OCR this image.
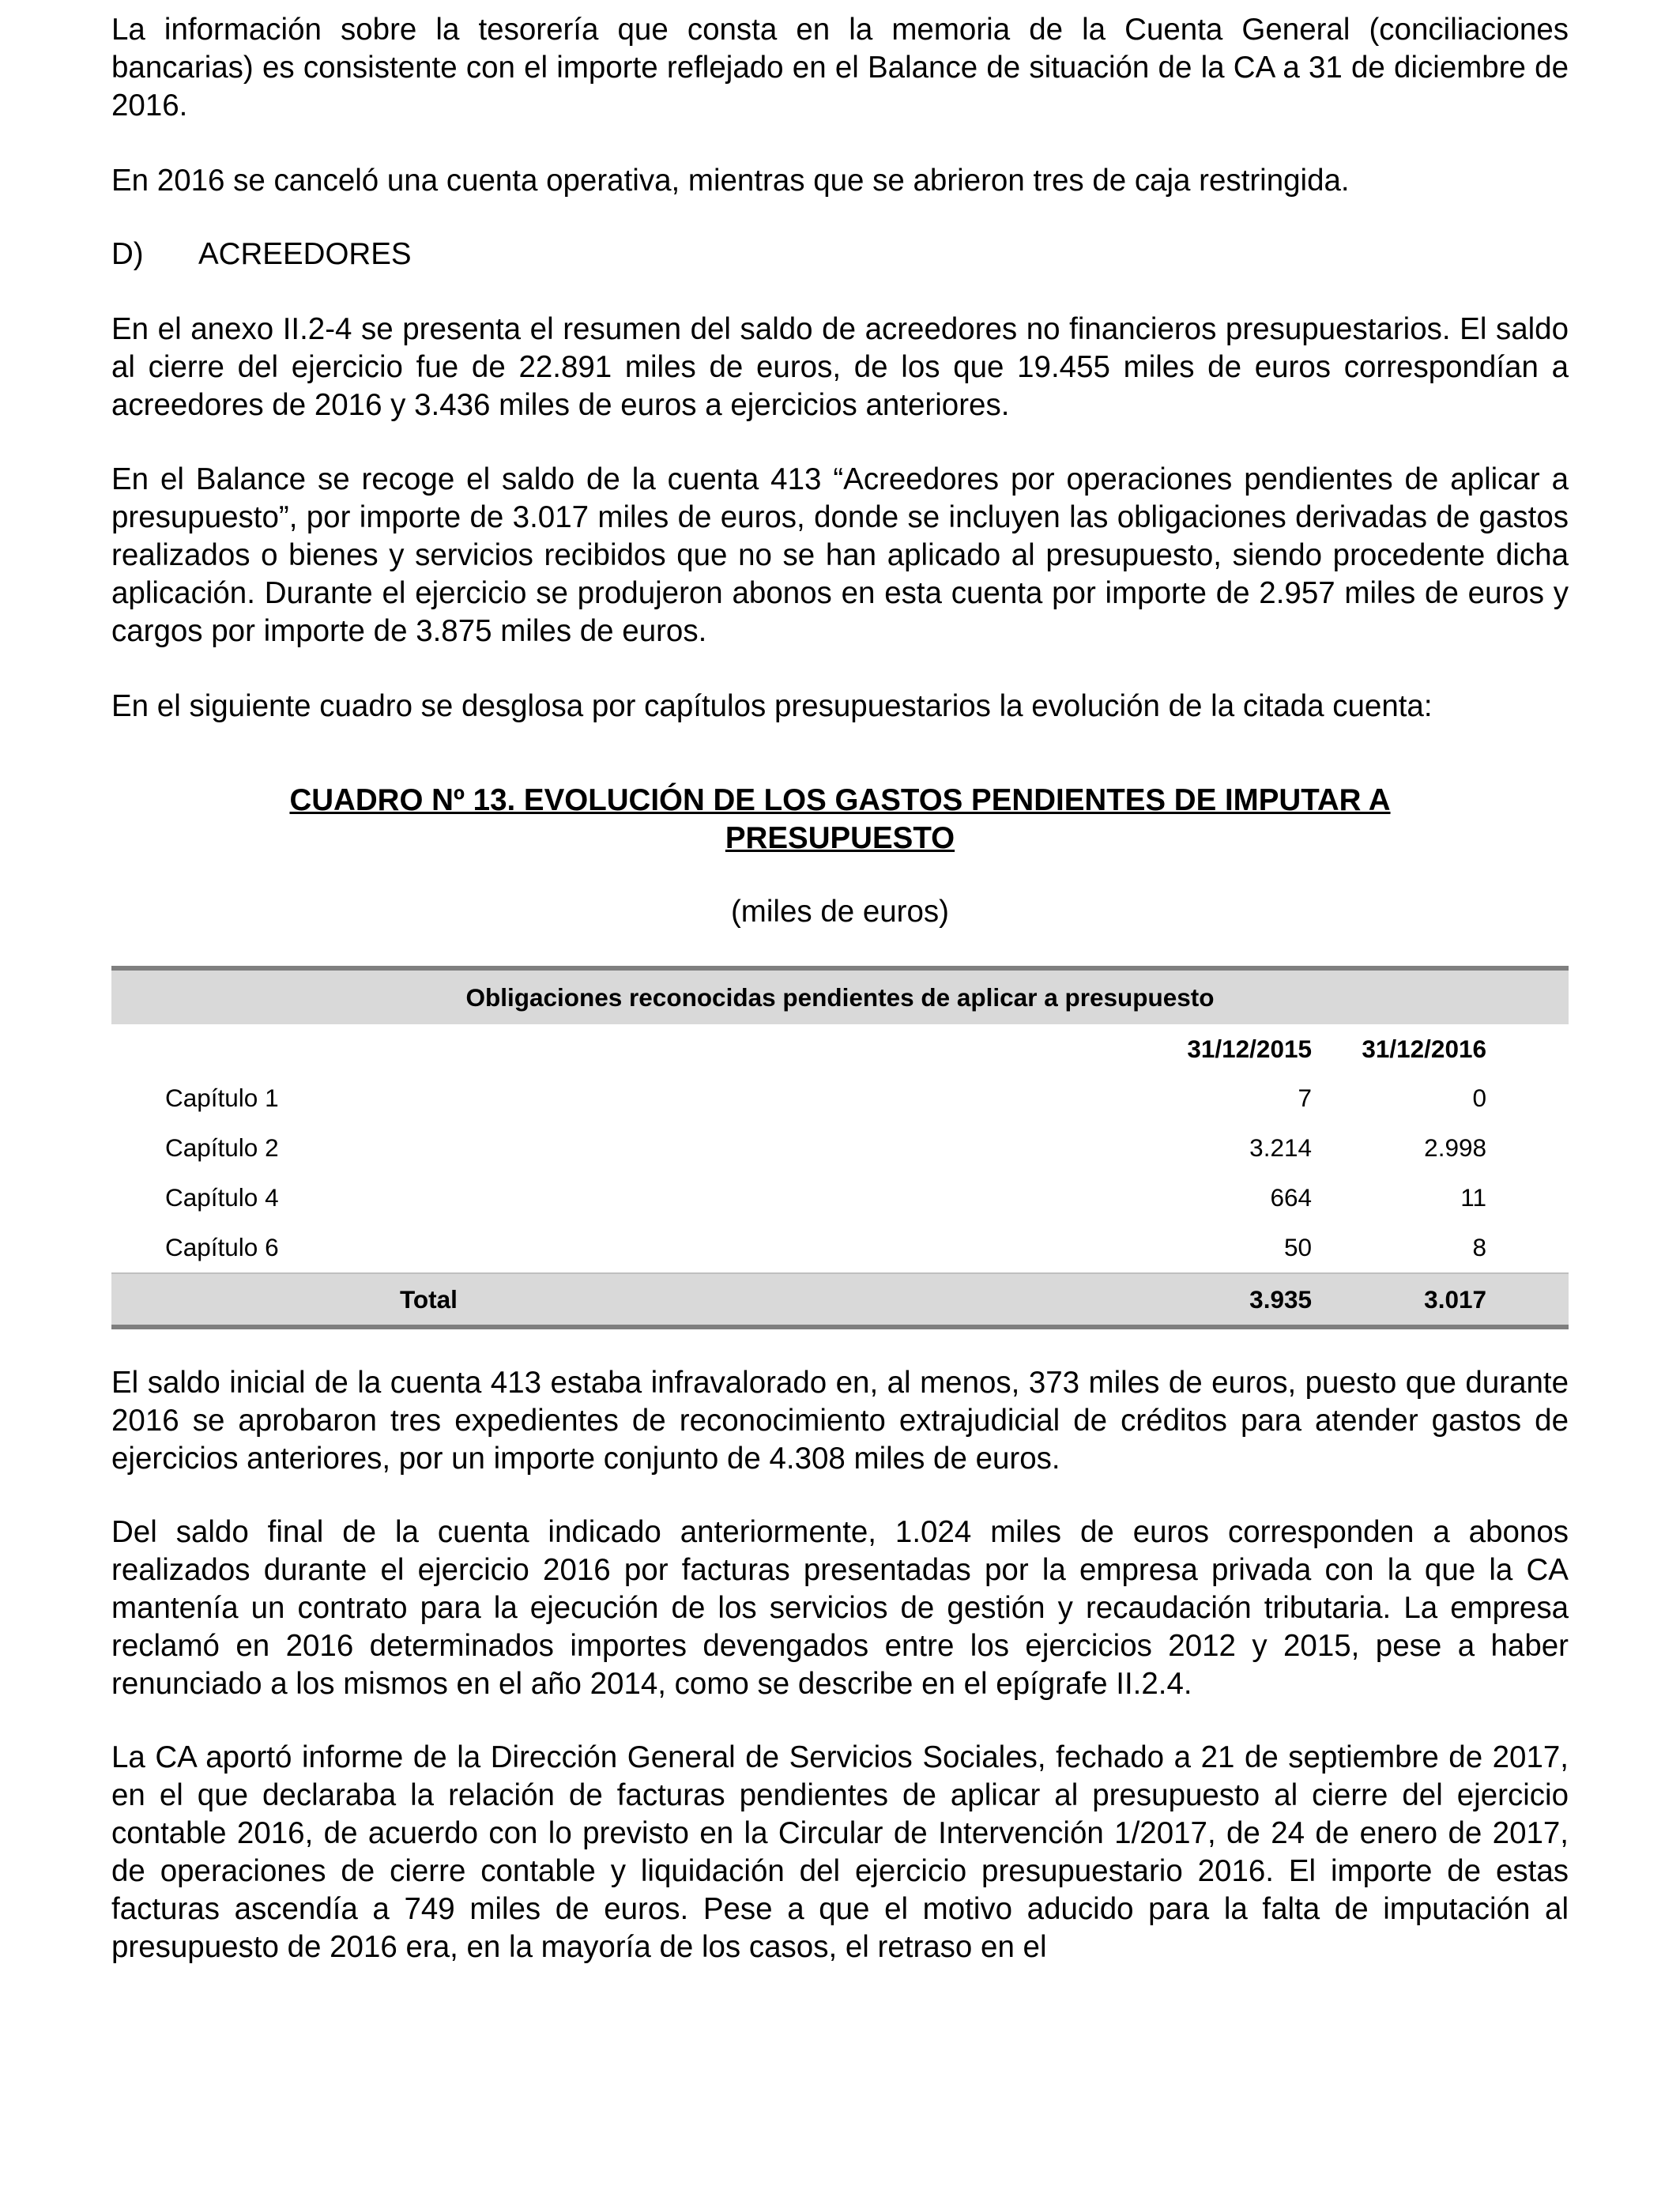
La información sobre la tesorería que consta en la memoria de la Cuenta General (conciliaciones bancarias) es consistente con el importe reflejado en el Balance de situación de la CA a 31 de diciembre de 2016.

En 2016 se canceló una cuenta operativa, mientras que se abrieron tres de caja restringida.

D) ACREEDORES

En el anexo II.2-4 se presenta el resumen del saldo de acreedores no financieros presupuestarios. El saldo al cierre del ejercicio fue de 22.891 miles de euros, de los que 19.455 miles de euros correspondían a acreedores de 2016 y 3.436 miles de euros a ejercicios anteriores.

En el Balance se recoge el saldo de la cuenta 413 “Acreedores por operaciones pendientes de aplicar a presupuesto”, por importe de 3.017 miles de euros, donde se incluyen las obligaciones derivadas de gastos realizados o bienes y servicios recibidos que no se han aplicado al presupuesto, siendo procedente dicha aplicación. Durante el ejercicio se produjeron abonos en esta cuenta por importe de 2.957 miles de euros y cargos por importe de 3.875 miles de euros.

En el siguiente cuadro se desglosa por capítulos presupuestarios la evolución de la citada cuenta:

CUADRO Nº 13. EVOLUCIÓN DE LOS GASTOS PENDIENTES DE IMPUTAR A
PRESUPUESTO
(miles de euros)
Obligaciones reconocidas pendientes de aplicar a presupuesto		
	31/12/2015	31/12/2016
Capítulo 1	7	0
Capítulo 2	3.214	2.998
Capítulo 4	664	11
Capítulo 6	50	8
Total	3.935	3.017

El saldo inicial de la cuenta 413 estaba infravalorado en, al menos, 373 miles de euros, puesto que durante 2016 se aprobaron tres expedientes de reconocimiento extrajudicial de créditos para atender gastos de ejercicios anteriores, por un importe conjunto de 4.308 miles de euros.

Del saldo final de la cuenta indicado anteriormente, 1.024 miles de euros corresponden a abonos realizados durante el ejercicio 2016 por facturas presentadas por la empresa privada con la que la CA mantenía un contrato para la ejecución de los servicios de gestión y recaudación tributaria. La empresa reclamó en 2016 determinados importes devengados entre los ejercicios 2012 y 2015, pese a haber renunciado a los mismos en el año 2014, como se describe en el epígrafe II.2.4.

La CA aportó informe de la Dirección General de Servicios Sociales, fechado a 21 de septiembre de 2017, en el que declaraba la relación de facturas pendientes de aplicar al presupuesto al cierre del ejercicio contable 2016, de acuerdo con lo previsto en la Circular de Intervención 1/2017, de 24 de enero de 2017, de operaciones de cierre contable y liquidación del ejercicio presupuestario 2016. El importe de estas facturas ascendía a 749 miles de euros. Pese a que el motivo aducido para la falta de imputación al presupuesto de 2016 era, en la mayoría de los casos, el retraso en el
